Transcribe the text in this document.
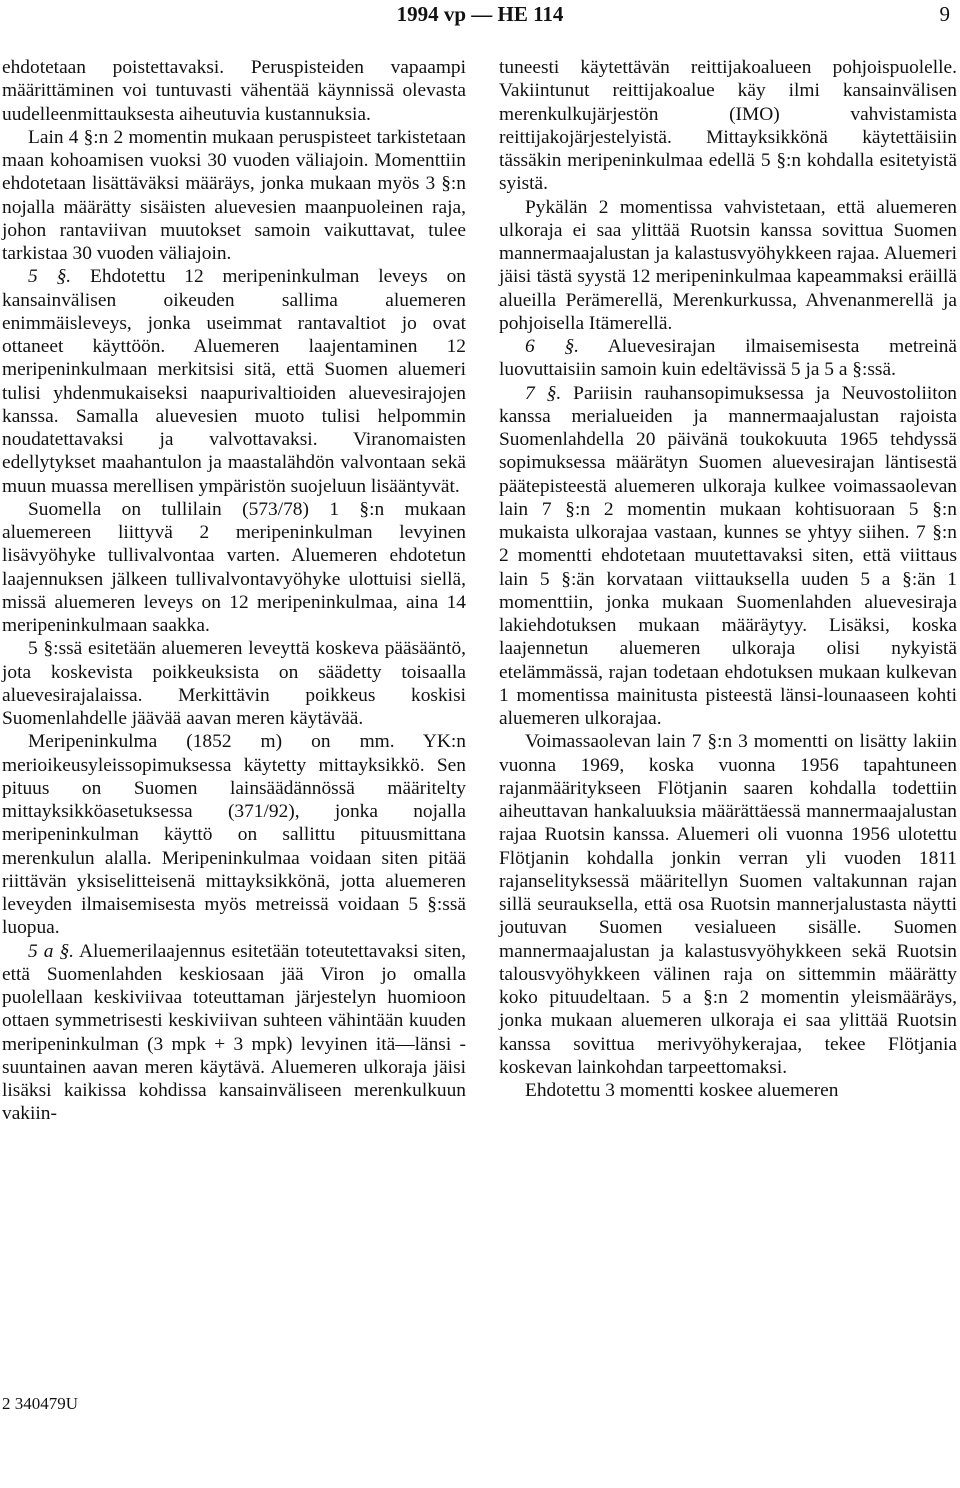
1994 vp — HE 114	9

ehdotetaan poistettavaksi. Peruspisteiden vapaampi määrittäminen voi tuntuvasti vähentää käynnissä olevasta uudelleenmittauksesta aiheutuvia kustannuksia.

Lain 4 §:n 2 momentin mukaan peruspisteet tarkistetaan maan kohoamisen vuoksi 30 vuoden väliajoin. Momenttiin ehdotetaan lisättäväksi määräys, jonka mukaan myös 3 §:n nojalla määrätty sisäisten aluevesien maanpuoleinen raja, johon rantaviivan muutokset samoin vaikuttavat, tulee tarkistaa 30 vuoden väliajoin.

5 §. Ehdotettu 12 meripeninkulman leveys on kansainvälisen oikeuden sallima aluemeren enimmäisleveys, jonka useimmat rantavaltiot jo ovat ottaneet käyttöön. Aluemeren laajentaminen 12 meripeninkulmaan merkitsisi sitä, että Suomen aluemeri tulisi yhdenmukaiseksi naapurivaltioiden aluevesirajojen kanssa. Samalla aluevesien muoto tulisi helpommin noudatettavaksi ja valvottavaksi. Viranomaisten edellytykset maahantulon ja maastalähdön valvontaan sekä muun muassa merellisen ympäristön suojeluun lisääntyvät.

Suomella on tullilain (573/78) 1 §:n mukaan aluemereen liittyvä 2 meripeninkulman levyinen lisävyöhyke tullivalvontaa varten. Aluemeren ehdotetun laajennuksen jälkeen tullivalvontavyöhyke ulottuisi siellä, missä aluemeren leveys on 12 meripeninkulmaa, aina 14 meripeninkulmaan saakka.

5 §:ssä esitetään aluemeren leveyttä koskeva pääsääntö, jota koskevista poikkeuksista on säädetty toisaalla aluevesirajalaissa. Merkittävin poikkeus koskisi Suomenlahdelle jäävää aavan meren käytävää.

Meripeninkulma (1852 m) on mm. YK:n merioikeusyleissopimuksessa käytetty mittayksikkö. Sen pituus on Suomen lainsäädännössä määritelty mittayksikköasetuksessa (371/92), jonka nojalla meripeninkulman käyttö on sallittu pituusmittana merenkulun alalla. Meripeninkulmaa voidaan siten pitää riittävän yksiselitteisenä mittayksikkönä, jotta aluemeren leveyden ilmaisemisesta myös metreissä voidaan 5 §:ssä luopua.

5 a §. Aluemerilaajennus esitetään toteutettavaksi siten, että Suomenlahden keskiosaan jää Viron jo omalla puolellaan keskiviivaa toteuttaman järjestelyn huomioon ottaen symmetrisesti keskiviivan suhteen vähintään kuuden meripeninkulman (3 mpk + 3 mpk) levyinen itä—länsi -suuntainen aavan meren käytävä. Aluemeren ulkoraja jäisi lisäksi kaikissa kohdissa kansainväliseen merenkulkuun vakiin-

tuneesti käytettävän reittijakoalueen pohjoispuolelle. Vakiintunut reittijakoalue käy ilmi kansainvälisen merenkulkujärjestön (IMO) vahvistamista reittijakojärjestelyistä. Mittayksikkönä käytettäisiin tässäkin meripeninkulmaa edellä 5 §:n kohdalla esitetyistä syistä.

Pykälän 2 momentissa vahvistetaan, että aluemeren ulkoraja ei saa ylittää Ruotsin kanssa sovittua Suomen mannermaajalustan ja kalastusvyöhykkeen rajaa. Aluemeri jäisi tästä syystä 12 meripeninkulmaa kapeammaksi eräillä alueilla Perämerellä, Merenkurkussa, Ahvenanmerellä ja pohjoisella Itämerellä.

6 §. Aluevesirajan ilmaisemisesta metreinä luovuttaisiin samoin kuin edeltävissä 5 ja 5 a §:ssä.

7 §. Pariisin rauhansopimuksessa ja Neuvostoliiton kanssa merialueiden ja mannermaajalustan rajoista Suomenlahdella 20 päivänä toukokuuta 1965 tehdyssä sopimuksessa määrätyn Suomen aluevesirajan läntisestä päätepisteestä aluemeren ulkoraja kulkee voimassaolevan lain 7 §:n 2 momentin mukaan kohtisuoraan 5 §:n mukaista ulkorajaa vastaan, kunnes se yhtyy siihen. 7 §:n 2 momentti ehdotetaan muutettavaksi siten, että viittaus lain 5 §:än korvataan viittauksella uuden 5 a §:än 1 momenttiin, jonka mukaan Suomenlahden aluevesiraja lakiehdotuksen mukaan määräytyy. Lisäksi, koska laajennetun aluemeren ulkoraja olisi nykyistä etelämmässä, rajan todetaan ehdotuksen mukaan kulkevan 1 momentissa mainitusta pisteestä länsi-lounaaseen kohti aluemeren ulkorajaa.

Voimassaolevan lain 7 §:n 3 momentti on lisätty lakiin vuonna 1969, koska vuonna 1956 tapahtuneen rajanmääritykseen Flötjanin saaren kohdalla todettiin aiheuttavan hankaluuksia määrättäessä mannermaajalustan rajaa Ruotsin kanssa. Aluemeri oli vuonna 1956 ulotettu Flötjanin kohdalla jonkin verran yli vuoden 1811 rajanselityksessä määritellyn Suomen valtakunnan rajan sillä seurauksella, että osa Ruotsin mannerjalustasta näytti joutuvan Suomen vesialueen sisälle. Suomen mannermaajalustan ja kalastusvyöhykkeen sekä Ruotsin talousvyöhykkeen välinen raja on sittemmin määrätty koko pituudeltaan. 5 a §:n 2 momentin yleismääräys, jonka mukaan aluemeren ulkoraja ei saa ylittää Ruotsin kanssa sovittua merivyöhykerajaa, tekee Flötjania koskevan lainkohdan tarpeettomaksi.

Ehdotettu 3 momentti koskee aluemeren

2 340479U
